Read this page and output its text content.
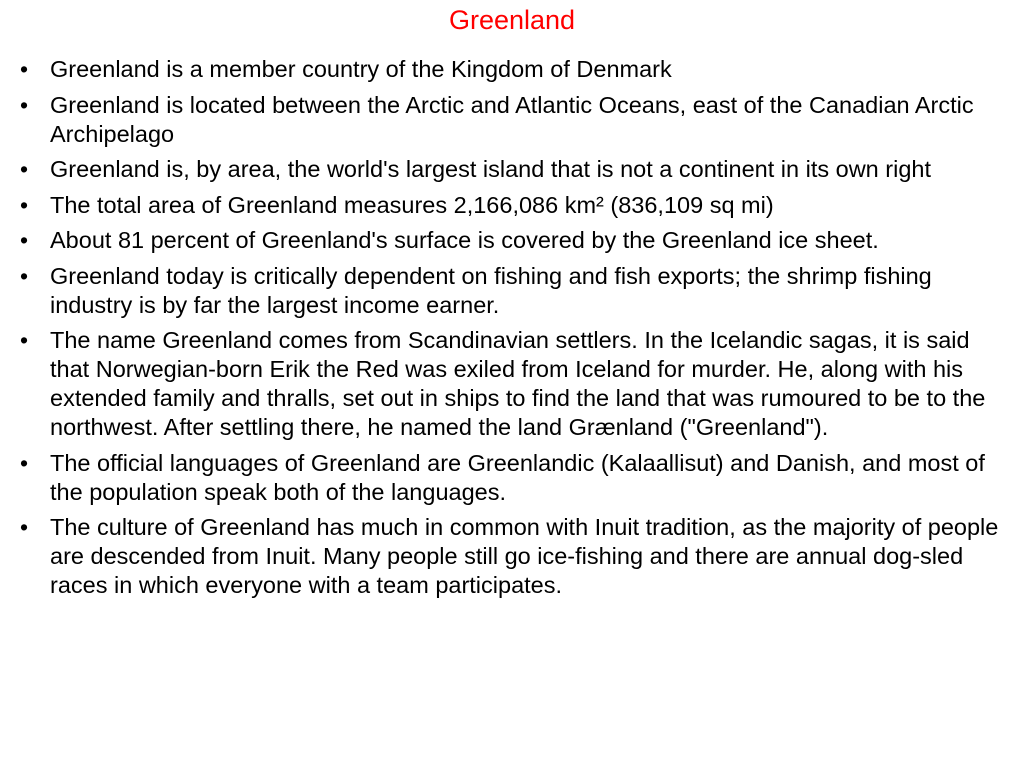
Greenland
• Greenland is a member country of the Kingdom of Denmark
• Greenland is located between the Arctic and Atlantic Oceans, east of the Canadian Arctic Archipelago
• Greenland is, by area, the world's largest island that is not a continent in its own right
• The total area of Greenland measures 2,166,086 km² (836,109 sq mi)
• About 81 percent of Greenland's surface is covered by the Greenland ice sheet.
• Greenland today is critically dependent on fishing and fish exports; the shrimp fishing industry is by far the largest income earner.
• The name Greenland comes from Scandinavian settlers. In the Icelandic sagas, it is said that Norwegian-born Erik the Red was exiled from Iceland for murder. He, along with his extended family and thralls, set out in ships to find the land that was rumoured to be to the northwest. After settling there, he named the land Grænland ("Greenland").
• The official languages of Greenland are Greenlandic (Kalaallisut) and Danish, and most of the population speak both of the languages.
• The culture of Greenland has much in common with Inuit tradition, as the majority of people are descended from Inuit. Many people still go ice-fishing and there are annual dog-sled races in which everyone with a team participates.
